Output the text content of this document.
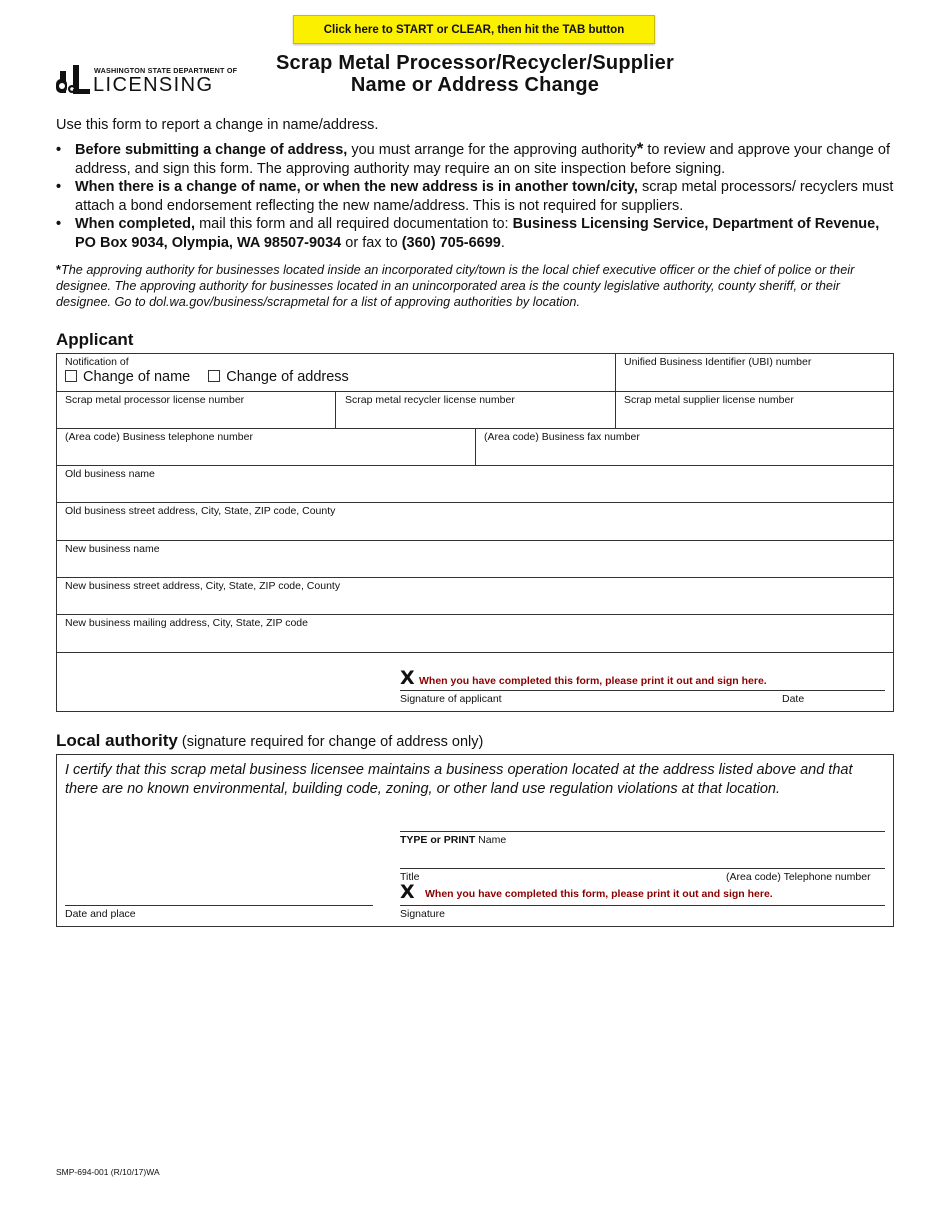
Click here to START or CLEAR, then hit the TAB button
WASHINGTON STATE DEPARTMENT OF
LICENSING
Scrap Metal Processor/Recycler/Supplier
Name or Address Change
Use this form to report a change in name/address.
• Before submitting a change of address, you must arrange for the approving authority* to review and approve your change of address, and sign this form. The approving authority may require an on site inspection before signing.
• When there is a change of name, or when the new address is in another town/city, scrap metal processors/ recyclers must attach a bond endorsement reflecting the new name/address. This is not required for suppliers.
• When completed, mail this form and all required documentation to: Business Licensing Service, Department of Revenue, PO Box 9034, Olympia, WA 98507-9034 or fax to (360) 705-6699.
*The approving authority for businesses located inside an incorporated city/town is the local chief executive officer or the chief of police or their designee. The approving authority for businesses located in an unincorporated area is the county legislative authority, county sheriff, or their designee. Go to dol.wa.gov/business/scrapmetal for a list of approving authorities by location.
Applicant
Notification of
Change of name Change of address
Unified Business Identifier (UBI) number
Scrap metal processor license number	Scrap metal recycler license number	Scrap metal supplier license number
(Area code) Business telephone number	(Area code) Business fax number
Old business name
Old business street address, City, State, ZIP code, County
New business name
New business street address, City, State, ZIP code, County
New business mailing address, City, State, ZIP code
X When you have completed this form, please print it out and sign here.
Signature of applicant	Date
Local authority (signature required for change of address only)
I certify that this scrap metal business licensee maintains a business operation located at the address listed above and that there are no known environmental, building code, zoning, or other land use regulation violations at that location.
TYPE or PRINT Name
Title	(Area code) Telephone number
X When you have completed this form, please print it out and sign here.
Signature
Date and place
SMP-694-001 (R/10/17)WA
